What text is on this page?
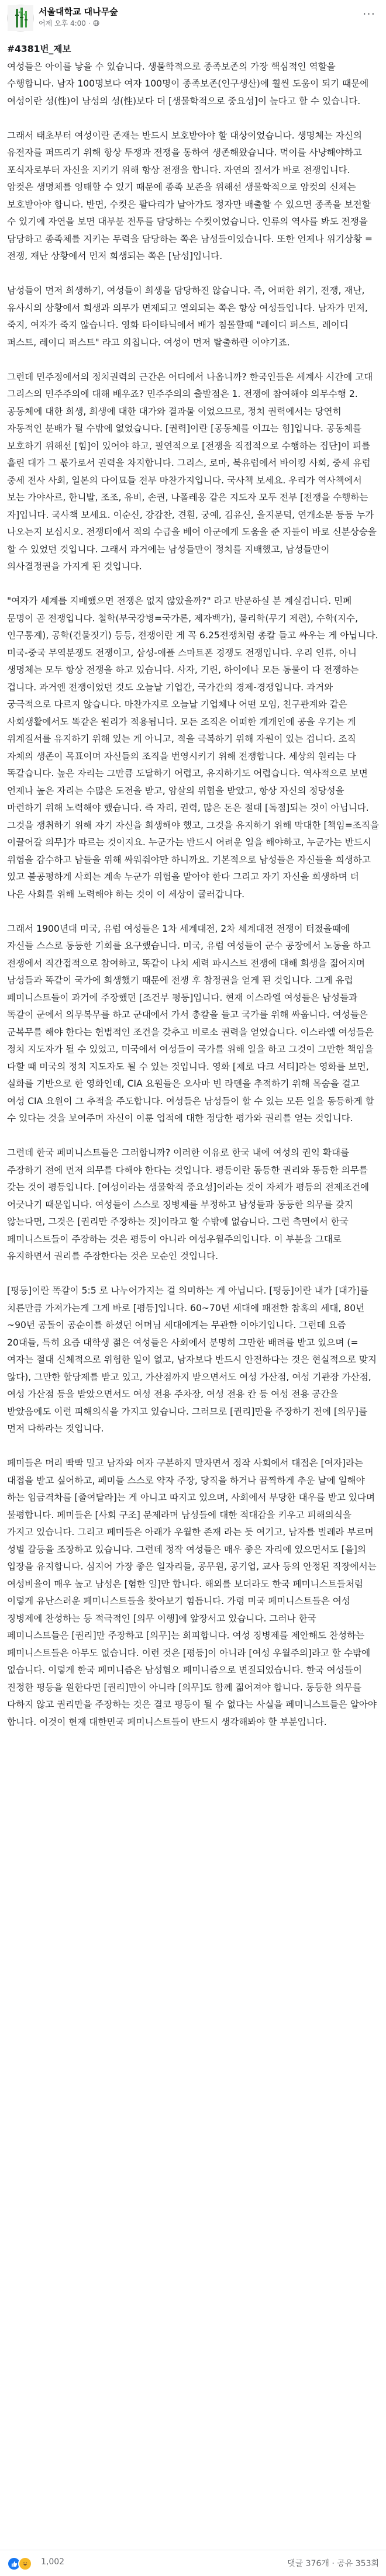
서울대학교 대나무숲
어제 오후 4:00 ·
···

#4381번_제보

여성들은 아이를 낳을 수 있습니다. 생물학적으로 종족보존의 가장 핵심적인 역할을 수행합니다. 남자 100명보다 여자 100명이 종족보존(인구생산)에 훨씬 도움이 되기 때문에 여성이란 성(性)이 남성의 성(性)보다 더 [생물학적으로 중요성]이 높다고 할 수 있습니다.

그래서 태초부터 여성이란 존재는 반드시 보호받아야 할 대상이었습니다. 생명체는 자신의 유전자를 퍼뜨리기 위해 항상 투쟁과 전쟁을 통하여 생존해왔습니다. 먹이를 사냥해야하고 포식자로부터 자신을 지키기 위해 항상 전쟁을 합니다. 자연의 질서가 바로 전쟁입니다. 암컷은 생명체를 잉태할 수 있기 때문에 종족 보존을 위해선 생물학적으로 암컷의 신체는 보호받아야 합니다. 반면, 수컷은 팔다리가 날아가도 정자만 배출할 수 있으면 종족을 보전할 수 있기에 자연을 보면 대부분 전투를 담당하는 수컷이었습니다. 인류의 역사를 봐도 전쟁을 담당하고 종족체를 지키는 무력을 담당하는 쪽은 남성들이었습니다. 또한 언제나 위기상황 = 전쟁, 재난 상황에서 먼저 희생되는 쪽은 [남성]입니다.

남성들이 먼저 희생하기, 여성들이 희생을 담당하진 않습니다. 즉, 어떠한 위기, 전쟁, 재난, 유사시의 상황에서 희생과 의무가 면제되고 열외되는 쪽은 항상 여성들입니다. 남자가 먼저, 죽지, 여자가 죽지 않습니다. 영화 타이타닉에서 배가 침몰할때 "레이디 퍼스트, 레이디 퍼스트, 레이디 퍼스트" 라고 외칩니다. 여성이 먼저 탈출하란 이야기죠.

그런데 민주정에서의 정치권력의 근간은 어디에서 나옵니까? 한국인들은 세계사 시간에 고대 그리스의 민주주의에 대해 배우죠? 민주주의의 출발점은 1. 전쟁에 참여해야 의무수행 2. 공동체에 대한 희생, 희생에 대한 대가와 결과물 이었으므로, 정치 권력에서는 당연히 자동적인 분배가 될 수밖에 없었습니다. [권력]이란 [공동체를 이끄는 힘]입니다. 공동체를 보호하기 위해선 [힘]이 있어야 하고, 필연적으로 [전쟁을 직접적으로 수행하는 집단]이 피를 흘린 대가 그 몫가로서 권력을 차지합니다. 그리스, 로마, 북유럽에서 바이킹 사회, 중세 유럽 중세 전사 사회, 일본의 다이묘들 전부 마찬가지입니다. 국사책 보세요. 우리가 역사책에서 보는 가야사르, 한니발, 조조, 유비, 손권, 나폴레옹 같은 지도자 모두 전부 [전쟁을 수행하는 자]입니다. 국사책 보세요. 이순신, 강감찬, 견훤, 궁예, 김유신, 을지문덕, 연개소문 등등 누가 나오는지 보십시오. 전쟁터에서 적의 수급을 베어 아군에게 도움을 준 자들이 바로 신분상승을 할 수 있었던 것입니다. 그래서 과거에는 남성들만이 정치를 지배했고, 남성들만이 의사결정권을 가지게 된 것입니다.

"여자가 세계를 지배했으면 전쟁은 없지 않았을까?" 라고 반문하실 분 계실겁니다. 민폐 문명이 곧 전쟁입니다. 철학(부국강병=국가론, 제자백가), 물리학(무기 제련), 수학(지수, 인구통계), 공학(건물짓기) 등등, 전쟁이란 게 꼭 6.25전쟁처럼 총칼 들고 싸우는 게 아닙니다. 미국-중국 무역분쟁도 전쟁이고, 삼성-애플 스마트폰 경쟁도 전쟁입니다. 우리 인류, 아니 생명체는 모두 항상 전쟁을 하고 있습니다. 사자, 기린, 하이에나 모든 동물이 다 전쟁하는 겁니다. 과거엔 전쟁이었던 것도 오늘날 기업간, 국가간의 경제-경쟁입니다. 과거와 궁극적으로 다르지 않습니다. 마찬가지로 오늘날 기업체나 어떤 모임, 친구관계와 같은 사회생활에서도 똑같은 원리가 적용됩니다. 모든 조직은 어떠한 개개인에 공을 우기는 게 위계질서를 유지하기 위해 있는 게 아니고, 적을 극복하기 위해 자원이 있는 겁니다. 조직 자체의 생존이 목표이며 자신들의 조직을 번영시키기 위해 전쟁합니다. 세상의 원리는 다 똑같습니다. 높은 자리는 그만큼 도달하기 어렵고, 유지하기도 어렵습니다. 역사적으로 보면 언제나 높은 자리는 수많은 도전을 받고, 암살의 위협을 받았고, 항상 자신의 정당성을 마련하기 위해 노력해야 했습니다. 즉 자리, 권력, 많은 돈은 절대 [독점]되는 것이 아닙니다. 그것을 쟁취하기 위해 자기 자신을 희생해야 했고, 그것을 유지하기 위해 막대한 [책임=조직을 이끌어갈 의무]가 따르는 것이지요. 누군가는 반드시 어려운 일을 해야하고, 누군가는 반드시 위험을 감수하고 남들을 위해 싸워줘야만 하니까요. 기본적으로 남성들은 자신들을 희생하고 있고 불공평하게 사회는 계속 누군가 위험을 맡아야 한다 그리고 자기 자신을 희생하며 더 나은 사회를 위해 노력해야 하는 것이 이 세상이 굴러갑니다.

그래서 1900년대 미국, 유럽 여성들은 1차 세계대전, 2차 세계대전 전쟁이 터졌을때에 자신들 스스로 동등한 기회를 요구했습니다. 미국, 유럽 여성들이 군수 공장에서 노동을 하고 전쟁에서 직간접적으로 참여하고, 똑같이 나치 세력 파시스트 전쟁에 대해 희생을 짊어지며 남성들과 똑같이 국가에 희생했기 때문에 전쟁 후 참정권을 얻게 된 것입니다. 그게 유럽 페미니스트들이 과거에 주장했던 [조건부 평등]입니다. 현재 이스라엘 여성들은 남성들과 똑같이 군에서 의무복무를 하고 군대에서 가서 총칼을 들고 국가를 위해 싸웁니다. 여성들은 군복무를 해야 한다는 헌법적인 조건을 갖추고 비로소 권력을 얻었습니다. 이스라엘 여성들은 정치 지도자가 될 수 있었고, 미국에서 여성들이 국가를 위해 일을 하고 그것이 그만한 책임을 다할 때 미국의 정치 지도자도 될 수 있는 것입니다. 영화 [제로 다크 서티]라는 영화를 보면, 실화를 기반으로 한 영화인데, CIA 요원들은 오사마 빈 라덴을 추적하기 위해 목숨을 걸고 여성 CIA 요원이 그 추적을 주도합니다. 여성들은 남성들이 할 수 있는 모든 일을 동등하게 할 수 있다는 것을 보여주며 자신이 이룬 업적에 대한 정당한 평가와 권리를 얻는 것입니다.

그런데 한국 페미니스트들은 그러합니까? 이러한 이유로 한국 내에 여성의 권익 확대를 주장하기 전에 먼저 의무를 다해야 한다는 것입니다. 평등이란 동등한 권리와 동등한 의무를 갖는 것이 평등입니다. [여성이라는 생물학적 중요성]이라는 것이 자체가 평등의 전제조건에 어긋나기 때문입니다. 여성들이 스스로 징병제를 부정하고 남성들과 동등한 의무를 갖지 않는다면, 그것은 [권리만 주장하는 것]이라고 할 수밖에 없습니다. 그런 측면에서 한국 페미니스트들이 주장하는 것은 평등이 아니라 여성우월주의입니다. 이 부분을 그대로 유지하면서 권리를 주장한다는 것은 모순인 것입니다.

[평등]이란 똑같이 5:5 로 나누어가지는 걸 의미하는 게 아닙니다. [평등]이란 내가 [대가]를 치른만큼 가져가는게 그게 바로 [평등]입니다. 60~70년 세대에 패전한 참혹의 세대, 80년~90년 공돌이 공순이를 하셨던 어머님 세대에게는 무관한 이야기입니다. 그런데 요즘 20대들, 특히 요즘 대학생 젊은 여성들은 사회에서 분명히 그만한 배려를 받고 있으며 (=여자는 절대 신체적으로 위험한 일이 없고, 남자보다 반드시 안전하다는 것은 현실적으로 맞지 않다), 그만한 할당제를 받고 있고, 가산점까지 받으면서도 여성 가산점, 여성 기관장 가산점, 여성 가산점 등을 받았으면서도 여성 전용 주차장, 여성 전용 칸 등 여성 전용 공간을 받았음에도 이런 피해의식을 가지고 있습니다. 그러므로 [권리]만을 주장하기 전에 [의무]를 먼저 다하라는 것입니다.

페미들은 머리 빡빡 밀고 남자와 여자 구분하지 말자면서 정작 사회에서 대접은 [여자]라는 대접을 받고 싶어하고, 페미들 스스로 약자 주장, 당직을 하거나 끔찍하게 추운 날에 일해야 하는 임금격차를 [줄여달라]는 게 아니고 따지고 있으며, 사회에서 부당한 대우를 받고 있다며 불평합니다. 페미들은 [사회 구조] 문제라며 남성들에 대한 적대감을 키우고 피해의식을 가지고 있습니다. 그리고 페미들은 아래가 우월한 존재 라는 듯 여기고, 남자를 벌레라 부르며 성별 갈등을 조장하고 있습니다. 그런데 정작 여성들은 매우 좋은 자리에 있으면서도 [을]의 입장을 유지합니다. 심지어 가장 좋은 일자리들, 공무원, 공기업, 교사 등의 안정된 직장에서는 여성비율이 매우 높고 남성은 [험한 일]만 합니다. 해외를 보더라도 한국 페미니스트들처럼 이렇게 유난스러운 페미니스트들을 찾아보기 힘듭니다. 가령 미국 페미니스트들은 여성 징병제에 찬성하는 등 적극적인 [의무 이행]에 앞장서고 있습니다. 그러나 한국 페미니스트들은 [권리]만 주장하고 [의무]는 회피합니다. 여성 징병제를 제안해도 찬성하는 페미니스트들은 아무도 없습니다. 이런 것은 [평등]이 아니라 [여성 우월주의]라고 할 수밖에 없습니다. 이렇게 한국 페미니즘은 남성혐오 페미니즘으로 변질되었습니다. 한국 여성들이 진정한 평등을 원한다면 [권리]만이 아니라 [의무]도 함께 짊어져야 합니다. 동등한 의무를 다하지 않고 권리만을 주장하는 것은 결코 평등이 될 수 없다는 사실을 페미니스트들은 알아야 합니다. 이것이 현재 대한민국 페미니스트들이 반드시 생각해봐야 할 부분입니다.

1,002	댓글 376개 · 공유 353회
